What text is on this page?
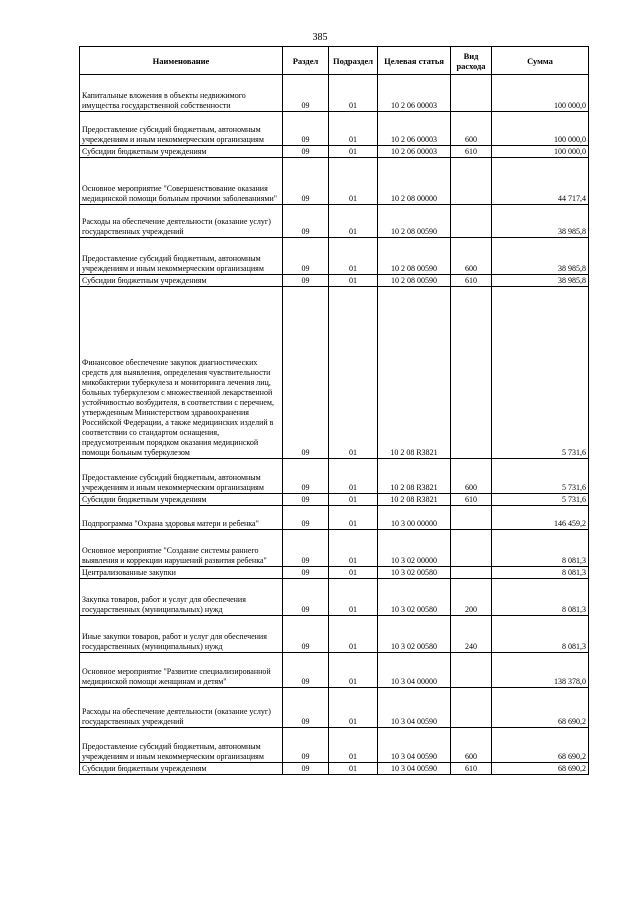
385
Наименование	Раздел	Подраздел	Целевая статья	Вид расхода	Сумма
Капитальные вложения в объекты недвижимого имущества государственной собственности	09	01	10 2 06 00003		100 000,0
Предоставление субсидий бюджетным, автономным учреждениям и иным некоммерческим организациям	09	01	10 2 06 00003	600	100 000,0
Субсидии бюджетным учреждениям	09	01	10 2 06 00003	610	100 000,0
Основное мероприятие "Совершенствование оказания медицинской помощи больным прочими заболеваниями"	09	01	10 2 08 00000		44 717,4
Расходы на обеспечение деятельности (оказание услуг) государственных учреждений	09	01	10 2 08 00590		38 985,8
Предоставление субсидий бюджетным, автономным учреждениям и иным некоммерческим организациям	09	01	10 2 08 00590	600	38 985,8
Субсидии бюджетным учреждениям	09	01	10 2 08 00590	610	38 985,8
Финансовое обеспечение закупок диагностических средств для выявления, определения чувствительности микобактерии туберкулеза и мониторинга лечения лиц, больных туберкулезом с множественной лекарственной устойчивостью возбудителя, в соответствии с перечнем, утвержденным Министерством здравоохранения Российской Федерации, а также медицинских изделий в соответствии со стандартом оснащения, предусмотренным порядком оказания медицинской помощи больным туберкулезом	09	01	10 2 08 R3821		5 731,6
Предоставление субсидий бюджетным, автономным учреждениям и иным некоммерческим организациям	09	01	10 2 08 R3821	600	5 731,6
Субсидии бюджетным учреждениям	09	01	10 2 08 R3821	610	5 731,6
Подпрограмма "Охрана здоровья матери и ребенка"	09	01	10 3 00 00000		146 459,2
Основное мероприятие "Создание системы раннего выявления и коррекции нарушений развития ребенка"	09	01	10 3 02 00000		8 081,3
Централизованные закупки	09	01	10 3 02 00580		8 081,3
Закупка товаров, работ и услуг для обеспечения государственных (муниципальных) нужд	09	01	10 3 02 00580	200	8 081,3
Иные закупки товаров, работ и услуг для обеспечения государственных (муниципальных) нужд	09	01	10 3 02 00580	240	8 081,3
Основное мероприятие "Развитие специализированной медицинской помощи женщинам и детям"	09	01	10 3 04 00000		138 378,0
Расходы на обеспечение деятельности (оказание услуг) государственных учреждений	09	01	10 3 04 00590		68 690,2
Предоставление субсидий бюджетным, автономным учреждениям и иным некоммерческим организациям	09	01	10 3 04 00590	600	68 690,2
Субсидии бюджетным учреждениям	09	01	10 3 04 00590	610	68 690,2
